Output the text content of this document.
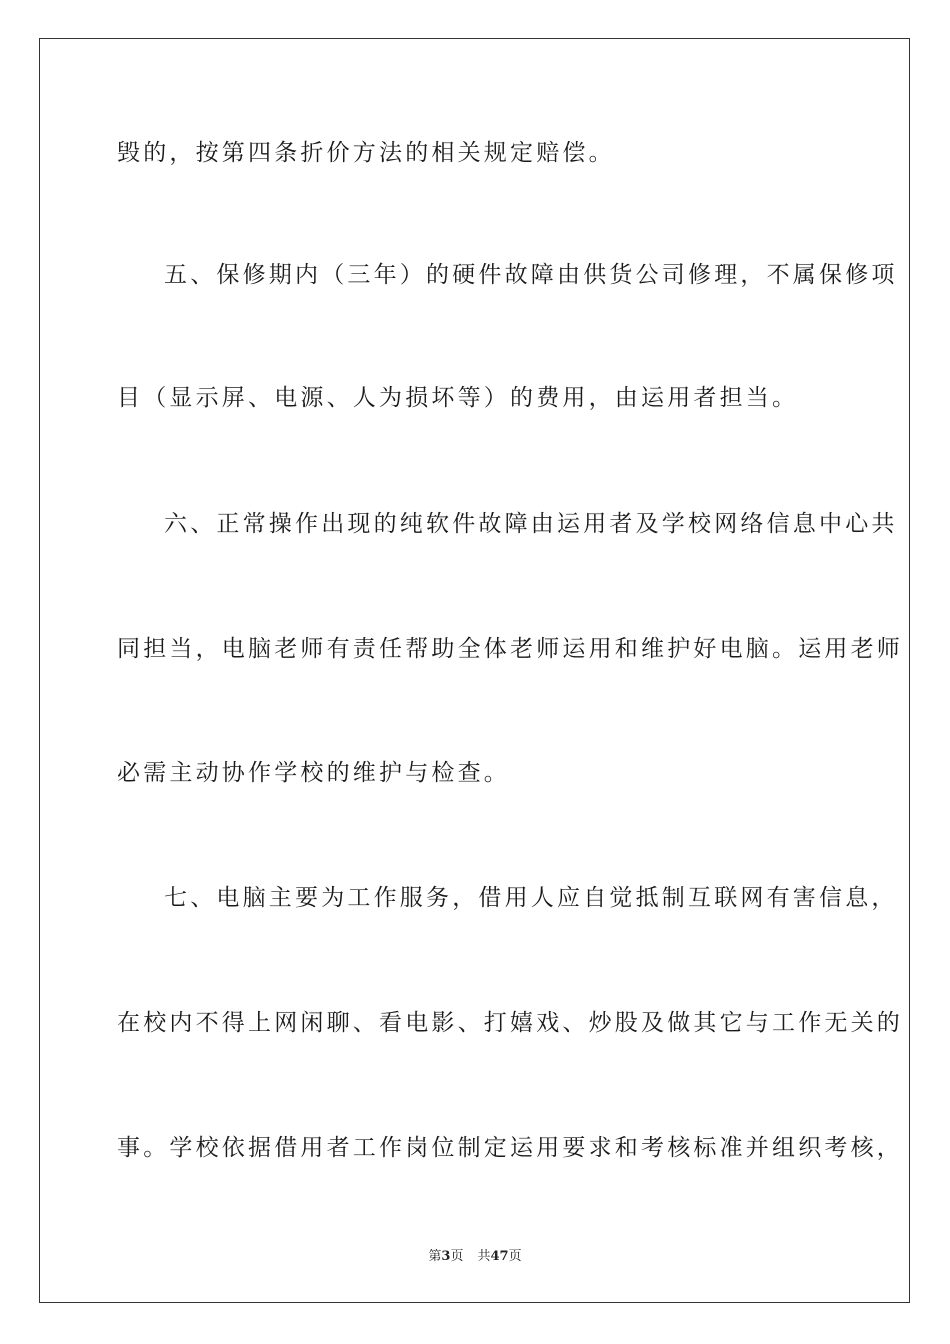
毁的，按第四条折价方法的相关规定赔偿。
五、保修期内（三年）的硬件故障由供货公司修理，不属保修项
目（显示屏、电源、人为损坏等）的费用，由运用者担当。
六、正常操作出现的纯软件故障由运用者及学校网络信息中心共
同担当，电脑老师有责任帮助全体老师运用和维护好电脑。运用老师
必需主动协作学校的维护与检查。
七、电脑主要为工作服务，借用人应自觉抵制互联网有害信息，
在校内不得上网闲聊、看电影、打嬉戏、炒股及做其它与工作无关的
事。学校依据借用者工作岗位制定运用要求和考核标准并组织考核，
第3页 共47页
